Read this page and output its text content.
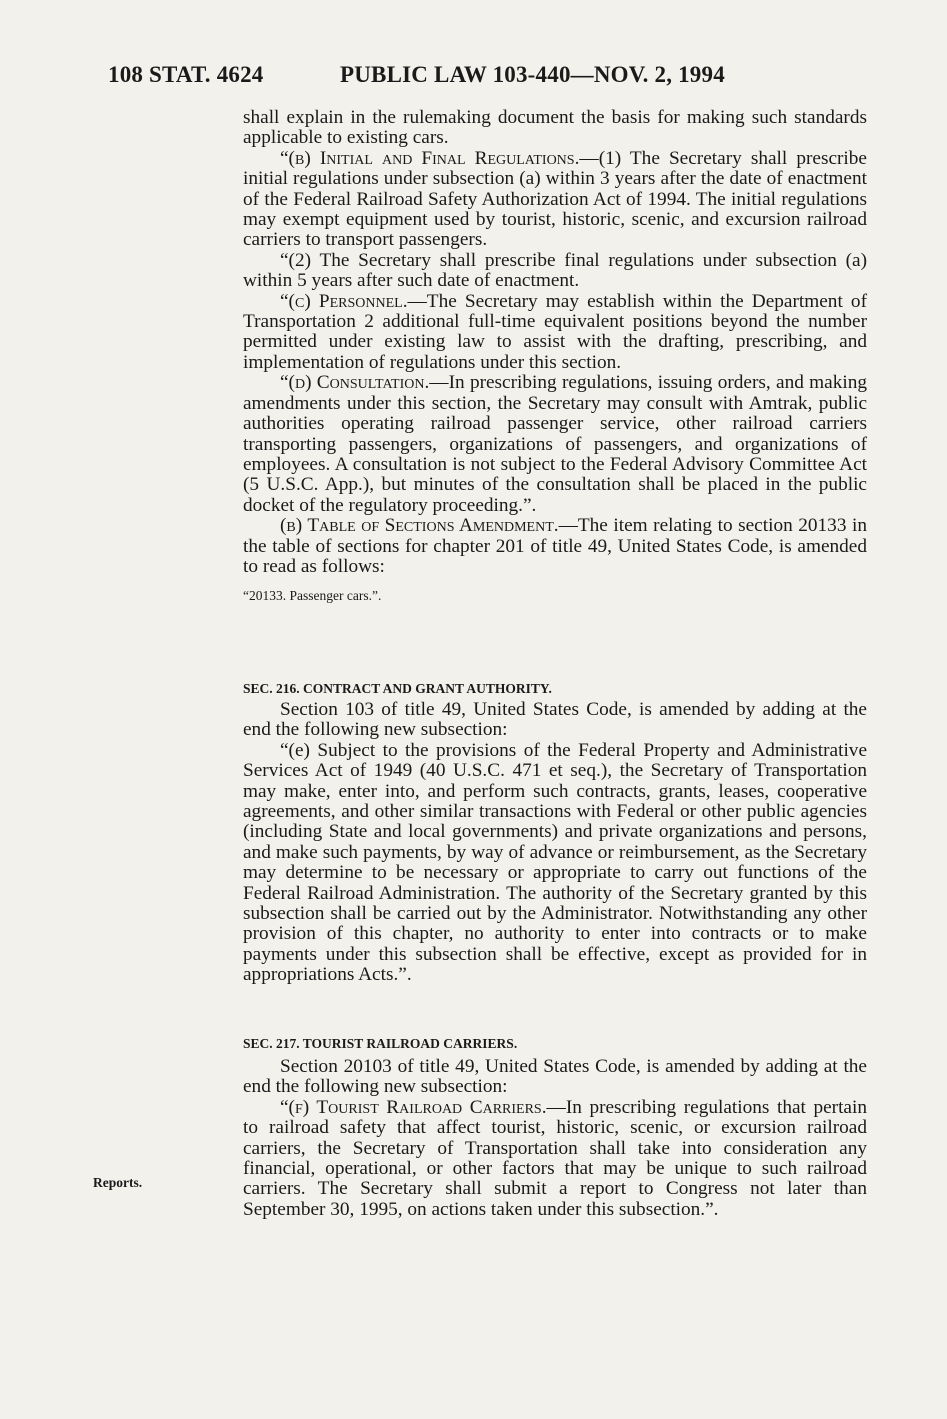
108 STAT. 4624	PUBLIC LAW 103-440—NOV. 2, 1994

shall explain in the rulemaking document the basis for making such standards applicable to existing cars.

“(b) Initial and Final Regulations.—(1) The Secretary shall prescribe initial regulations under subsection (a) within 3 years after the date of enactment of the Federal Railroad Safety Authorization Act of 1994. The initial regulations may exempt equipment used by tourist, historic, scenic, and excursion railroad carriers to transport passengers.

“(2) The Secretary shall prescribe final regulations under subsection (a) within 5 years after such date of enactment.

“(c) Personnel.—The Secretary may establish within the Department of Transportation 2 additional full-time equivalent positions beyond the number permitted under existing law to assist with the drafting, prescribing, and implementation of regulations under this section.

“(d) Consultation.—In prescribing regulations, issuing orders, and making amendments under this section, the Secretary may consult with Amtrak, public authorities operating railroad passenger service, other railroad carriers transporting passengers, organizations of passengers, and organizations of employees. A consultation is not subject to the Federal Advisory Committee Act (5 U.S.C. App.), but minutes of the consultation shall be placed in the public docket of the regulatory proceeding.”.

(b) Table of Sections Amendment.—The item relating to section 20133 in the table of sections for chapter 201 of title 49, United States Code, is amended to read as follows:

“20133. Passenger cars.”.

SEC. 216. CONTRACT AND GRANT AUTHORITY.

Section 103 of title 49, United States Code, is amended by adding at the end the following new subsection:

“(e) Subject to the provisions of the Federal Property and Administrative Services Act of 1949 (40 U.S.C. 471 et seq.), the Secretary of Transportation may make, enter into, and perform such contracts, grants, leases, cooperative agreements, and other similar transactions with Federal or other public agencies (including State and local governments) and private organizations and persons, and make such payments, by way of advance or reimbursement, as the Secretary may determine to be necessary or appropriate to carry out functions of the Federal Railroad Administration. The authority of the Secretary granted by this subsection shall be carried out by the Administrator. Notwithstanding any other provision of this chapter, no authority to enter into contracts or to make payments under this subsection shall be effective, except as provided for in appropriations Acts.”.

SEC. 217. TOURIST RAILROAD CARRIERS.

Section 20103 of title 49, United States Code, is amended by adding at the end the following new subsection:

“(f) Tourist Railroad Carriers.—In prescribing regulations that pertain to railroad safety that affect tourist, historic, scenic, or excursion railroad carriers, the Secretary of Transportation shall take into consideration any financial, operational, or other factors that may be unique to such railroad carriers. The Secretary shall submit a report to Congress not later than September 30, 1995, on actions taken under this subsection.”.

Reports.
